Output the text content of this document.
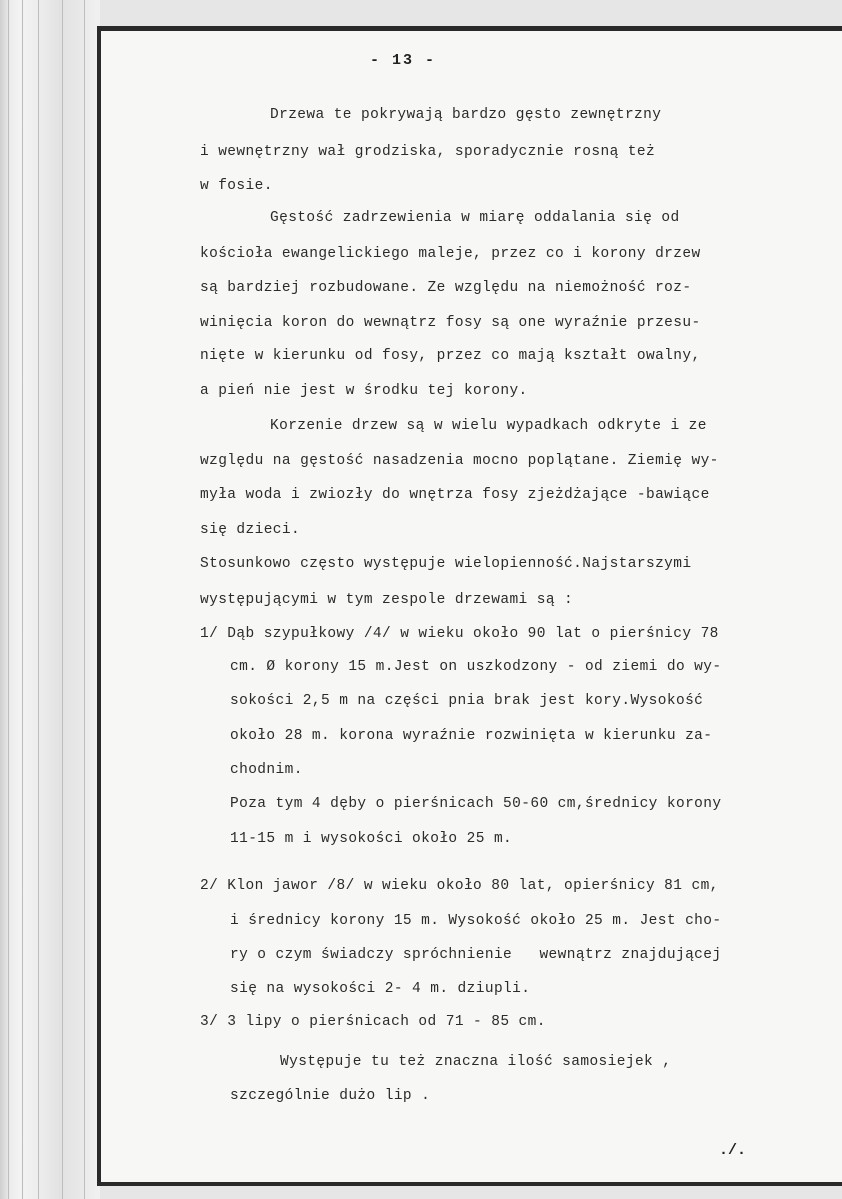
- 13 -
Drzewa te pokrywają bardzo gęsto zewnętrzny
i wewnętrzny wał grodziska, sporadycznie rosną też
w fosie.
Gęstość zadrzewienia w miarę oddalania się od
kościoła ewangelickiego maleje, przez co i korony drzew
są bardziej rozbudowane. Ze względu na niemożność roz-
winięcia koron do wewnątrz fosy są one wyraźnie przesu-
nięte w kierunku od fosy, przez co mają kształt owalny,
a pień nie jest w środku tej korony.
Korzenie drzew są w wielu wypadkach odkryte i ze
względu na gęstość nasadzenia mocno poplątane. Ziemię wy-
myła woda i zwiozły do wnętrza fosy zjeżdżające -bawiące
się dzieci.
Stosunkowo często występuje wielopienność.Najstarszymi
występującymi w tym zespole drzewami są :
1/ Dąb szypułkowy /4/ w wieku około 90 lat o pierśnicy 78
cm. Ø korony 15 m.Jest on uszkodzony - od ziemi do wy-
sokości 2,5 m na części pnia brak jest kory.Wysokość
około 28 m. korona wyraźnie rozwinięta w kierunku za-
chodnim.
Poza tym 4 dęby o pierśnicach 50-60 cm,średnicy korony
11-15 m i wysokości około 25 m.
2/ Klon jawor /8/ w wieku około 80 lat, opierśnicy 81 cm,
i średnicy korony 15 m. Wysokość około 25 m. Jest cho-
ry o czym świadczy spróchnienie   wewnątrz znajdującej
się na wysokości 2- 4 m. dziupli.
3/ 3 lipy o pierśnicach od 71 - 85 cm.
Występuje tu też znaczna ilość samosiejek ,
szczególnie dużo lip .
./.
